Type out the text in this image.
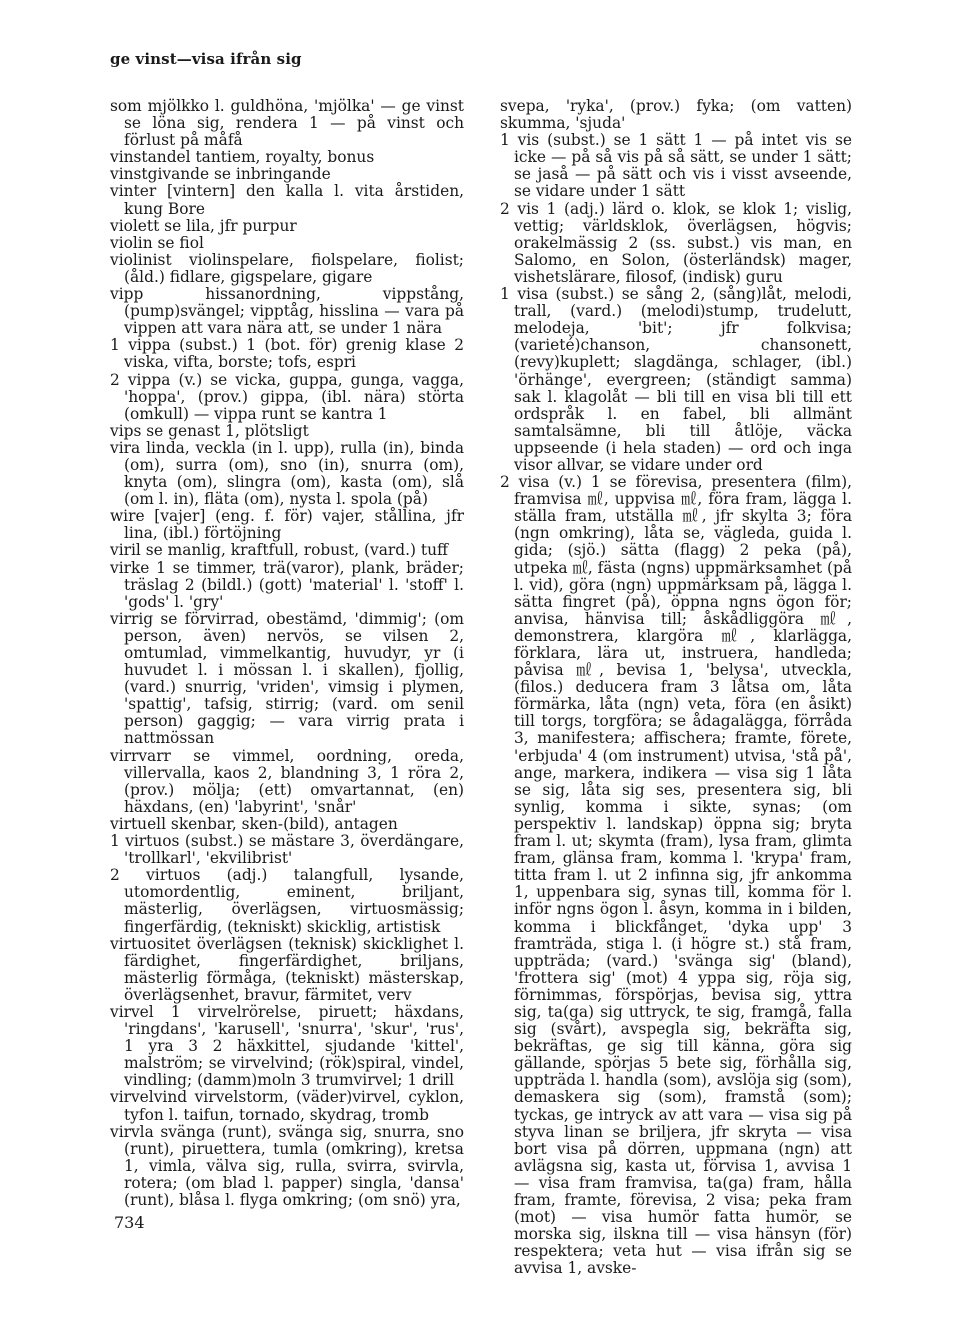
ge vinst—visa ifrån sig

som mjölkko l. guldhöna, 'mjölka' — ge vinst se löna sig, rendera 1 — på vinst och förlust på måfå

vinstandel tantiem, royalty, bonus

vinstgivande se inbringande

vinter [vintern] den kalla l. vita årstiden, kung Bore

violett se lila, jfr purpur

violin se fiol

violinist violinspelare, fiolspelare, fiolist; (åld.) fidlare, gigspelare, gigare

vipp hissanordning, vippstång, (pump)svängel; vipptåg, hisslina — vara på vippen att vara nära att, se under 1 nära

1 vippa (subst.) 1 (bot. för) grenig klase 2 viska, vifta, borste; tofs, espri

2 vippa (v.) se vicka, guppa, gunga, vagga, 'hoppa', (prov.) gippa, (ibl. nära) störta (omkull) — vippa runt se kantra 1

vips se genast 1, plötsligt

vira linda, veckla (in l. upp), rulla (in), binda (om), surra (om), sno (in), snurra (om), knyta (om), slingra (om), kasta (om), slå (om l. in), fläta (om), nysta l. spola (på)

wire [vajer] (eng. f. för) vajer, stållina, jfr lina, (ibl.) förtöjning

viril se manlig, kraftfull, robust, (vard.) tuff

virke 1 se timmer, trä(varor), plank, bräder; träslag 2 (bildl.) (gott) 'material' l. 'stoff' l. 'gods' l. 'gry'

virrig se förvirrad, obestämd, 'dimmig'; (om person, även) nervös, se vilsen 2, omtumlad, vimmelkantig, huvudyr, yr (i huvudet l. i mössan l. i skallen), fjollig, (vard.) snurrig, 'vriden', vimsig i plymen, 'spattig', tafsig, stirrig; (vard. om senil person) gaggig; — vara virrig prata i nattmössan

virrvarr se vimmel, oordning, oreda, villervalla, kaos 2, blandning 3, 1 röra 2, (prov.) mölja; (ett) omvartannat, (en) häxdans, (en) 'labyrint', 'snår'

virtuell skenbar, sken-(bild), antagen

1 virtuos (subst.) se mästare 3, överdängare, 'trollkarl', 'ekvilibrist'

2 virtuos (adj.) talangfull, lysande, utomordentlig, eminent, briljant, mästerlig, överlägsen, virtuosmässig; fingerfärdig, (tekniskt) skicklig, artistisk

virtuositet överlägsen (teknisk) skicklighet l. färdighet, fingerfärdighet, briljans, mästerlig förmåga, (tekniskt) mästerskap, överlägsenhet, bravur, färmitet, verv

virvel 1 virvelrörelse, piruett; häxdans, 'ringdans', 'karusell', 'snurra', 'skur', 'rus', 1 yra 3 2 häxkittel, sjudande 'kittel', malström; se virvelvind; (rök)spiral, vindel, vindling; (damm)moln 3 trumvirvel; 1 drill

virvelvind virvelstorm, (väder)virvel, cyklon, tyfon l. taifun, tornado, skydrag, tromb

virvla svänga (runt), svänga sig, snurra, sno (runt), piruettera, tumla (omkring), kretsa 1, vimla, välva sig, rulla, svirra, svirvla, rotera; (om blad l. papper) singla, 'dansa' (runt), blåsa l. flyga omkring; (om snö) yra,

svepa, 'ryka', (prov.) fyka; (om vatten) skumma, 'sjuda'

1 vis (subst.) se 1 sätt 1 — på intet vis se icke — på så vis på så sätt, se under 1 sätt; se jaså — på sätt och vis i visst avseende, se vidare under 1 sätt

2 vis 1 (adj.) lärd o. klok, se klok 1; vislig, vettig; världsklok, överlägsen, högvis; orakelmässig 2 (ss. subst.) vis man, en Salomo, en Solon, (österländsk) mager, vishetslärare, filosof, (indisk) guru

1 visa (subst.) se sång 2, (sång)låt, melodi, trall, (vard.) (melodi)stump, trudelutt, melodeja, 'bit'; jfr folkvisa; (varieté)chanson, chansonett, (revy)kuplett; slagdänga, schlager, (ibl.) 'örhänge', evergreen; (ständigt samma) sak l. klagolåt — bli till en visa bli till ett ordspråk l. en fabel, bli allmänt samtalsämne, bli till åtlöje, väcka uppseende (i hela staden) — ord och inga visor allvar, se vidare under ord

2 visa (v.) 1 se förevisa, presentera (film), framvisa ㎖, uppvisa ㎖, föra fram, lägga l. ställa fram, utställa ㎖, jfr skylta 3; föra (ngn omkring), låta se, vägleda, guida l. gida; (sjö.) sätta (flagg) 2 peka (på), utpeka ㎖, fästa (ngns) uppmärksamhet (på l. vid), göra (ngn) uppmärksam på, lägga l. sätta fingret (på), öppna ngns ögon för; anvisa, hänvisa till; åskådliggöra ㎖, demonstrera, klargöra ㎖, klarlägga, förklara, lära ut, instruera, handleda; påvisa ㎖, bevisa 1, 'belysa', utveckla, (filos.) deducera fram 3 låtsa om, låta förmärka, låta (ngn) veta, föra (en åsikt) till torgs, torgföra; se ådagalägga, förråda 3, manifestera; affischera; framte, förete, 'erbjuda' 4 (om instrument) utvisa, 'stå på', ange, markera, indikera — visa sig 1 låta se sig, låta sig ses, presentera sig, bli synlig, komma i sikte, synas; (om perspektiv l. landskap) öppna sig; bryta fram l. ut; skymta (fram), lysa fram, glimta fram, glänsa fram, komma l. 'krypa' fram, titta fram l. ut 2 infinna sig, jfr ankomma 1, uppenbara sig, synas till, komma för l. inför ngns ögon l. åsyn, komma in i bilden, komma i blickfånget, 'dyka upp' 3 framträda, stiga l. (i högre st.) stå fram, uppträda; (vard.) 'svänga sig' (bland), 'frottera sig' (mot) 4 yppa sig, röja sig, förnimmas, förspörjas, bevisa sig, yttra sig, ta(ga) sig uttryck, te sig, framgå, falla sig (svårt), avspegla sig, bekräfta sig, bekräftas, ge sig till känna, göra sig gällande, spörjas 5 bete sig, förhålla sig, uppträda l. handla (som), avslöja sig (som), demaskera sig (som), framstå (som); tyckas, ge intryck av att vara — visa sig på styva linan se briljera, jfr skryta — visa bort visa på dörren, uppmana (ngn) att avlägsna sig, kasta ut, förvisa 1, avvisa 1 — visa fram framvisa, ta(ga) fram, hålla fram, framte, förevisa, 2 visa; peka fram (mot) — visa humör fatta humör, se morska sig, ilskna till — visa hänsyn (för) respektera; veta hut — visa ifrån sig se avvisa 1, avske-

734
